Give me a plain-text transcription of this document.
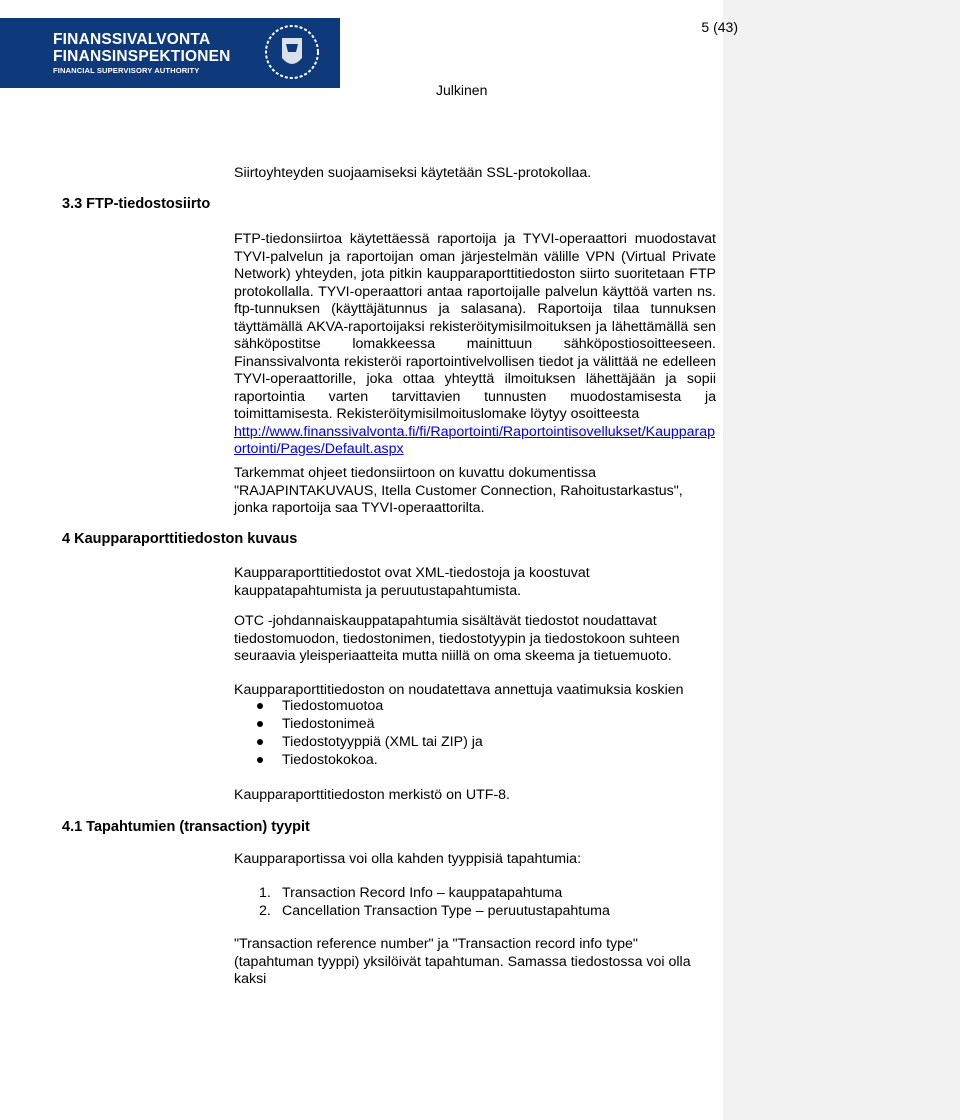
FINANSSIVALVONTA
FINANSINSPEKTIONEN
FINANCIAL SUPERVISORY AUTHORITY
5 (43)
Julkinen
Siirtoyhteyden suojaamiseksi käytetään SSL-protokollaa.
3.3 FTP-tiedostosiirto

FTP-tiedonsiirtoa käytettäessä raportoija ja TYVI-operaattori muodostavat TYVI-palvelun ja raportoijan oman järjestelmän välille VPN (Virtual Private Network) yhteyden, jota pitkin kaupparaporttitiedoston siirto suoritetaan FTP protokollalla. TYVI-operaattori antaa raportoijalle palvelun käyttöä varten ns. ftp-tunnuksen (käyttäjätunnus ja salasana). Raportoija tilaa tunnuksen täyttämällä AKVA-raportoijaksi rekisteröitymisilmoituksen ja lähettämällä sen sähköpostitse lomakkeessa mainittuun sähköpostiosoitteeseen. Finanssivalvonta rekisteröi raportointivelvollisen tiedot ja välittää ne edelleen TYVI-operaattorille, joka ottaa yhteyttä ilmoituksen lähettäjään ja sopii raportointia varten tarvittavien tunnusten muodostamisesta ja toimittamisesta. Rekisteröitymisilmoituslomake löytyy osoitteesta

http://www.finanssivalvonta.fi/fi/Raportointi/Raportointisovellukset/Kaupparaportointi/Pages/Default.aspx
Tarkemmat ohjeet tiedonsiirtoon on kuvattu dokumentissa "RAJAPINTAKUVAUS, Itella Customer Connection, Rahoitustarkastus", jonka raportoija saa TYVI-operaattorilta.
4 Kaupparaporttitiedoston kuvaus
Kaupparaporttitiedostot ovat XML-tiedostoja ja koostuvat kauppatapahtumista ja peruutustapahtumista.
OTC -johdannaiskauppatapahtumia sisältävät tiedostot noudattavat tiedostomuodon, tiedostonimen, tiedostotyypin ja tiedostokoon suhteen seuraavia yleisperiaatteita mutta niillä on oma skeema ja tietuemuoto.
Kaupparaporttitiedoston on noudatettava annettuja vaatimuksia koskien
Tiedostomuotoa
Tiedostonimeä
Tiedostotyyppiä (XML tai ZIP) ja
Tiedostokokoa.
Kaupparaporttitiedoston merkistö on UTF-8.
4.1 Tapahtumien (transaction) tyypit
Kaupparaportissa voi olla kahden tyyppisiä tapahtumia:
1. Transaction Record Info – kauppatapahtuma
2. Cancellation Transaction Type – peruutustapahtuma
"Transaction reference number" ja "Transaction record info type" (tapahtuman tyyppi) yksilöivät tapahtuman. Samassa tiedostossa voi olla kaksi
